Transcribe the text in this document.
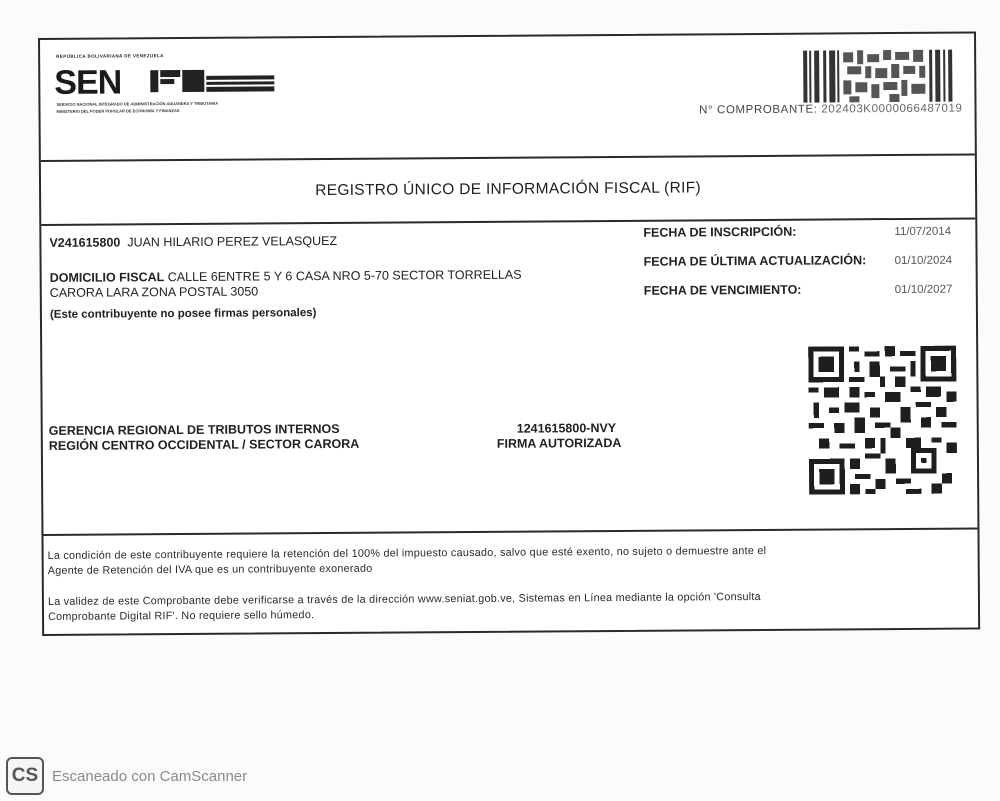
REPÚBLICA BOLIVARIANA DE VENEZUELA
SEN
SERVICIO NACIONAL INTEGRADO DE ADMINISTRACIÓN ADUANERA Y TRIBUTARIA
MINISTERIO DEL PODER POPULAR DE ECONOMÍA Y FINANZAS	N° COMPROBANTE: 202403K0000066487019
REGISTRO ÚNICO DE INFORMACIÓN FISCAL (RIF)
V241615800 JUAN HILARIO PEREZ VELASQUEZ
DOMICILIO FISCAL CALLE 6ENTRE 5 Y 6 CASA NRO 5-70 SECTOR TORRELLAS
CARORA LARA ZONA POSTAL 3050
(Este contribuyente no posee firmas personales)
FECHA DE INSCRIPCIÓN:	11/07/2014
FECHA DE ÚLTIMA ACTUALIZACIÓN: 01/10/2024
FECHA DE VENCIMIENTO:	01/10/2027
GERENCIA REGIONAL DE TRIBUTOS INTERNOS
REGIÓN CENTRO OCCIDENTAL / SECTOR CARORA
1241615800-NVY
FIRMA AUTORIZADA

La condición de este contribuyente requiere la retención del 100% del impuesto causado, salvo que esté exento, no sujeto o demuestre ante el

Agente de Retención del IVA que es un contribuyente exonerado

La validez de este Comprobante debe verificarse a través de la dirección www.seniat.gob.ve, Sistemas en Línea mediante la opción 'Consulta

Comprobante Digital RIF'. No requiere sello húmedo.

CS Escaneado con CamScanner
